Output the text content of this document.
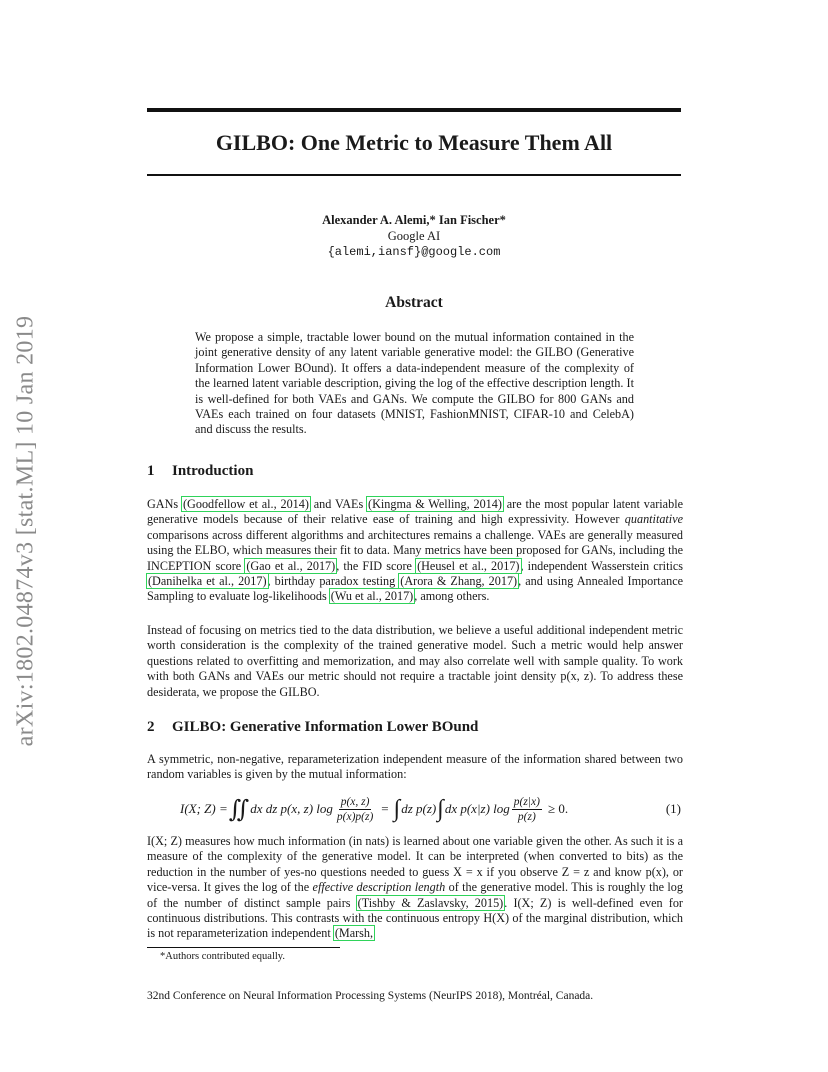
arXiv:1802.04874v3 [stat.ML] 10 Jan 2019
GILBO: One Metric to Measure Them All
Alexander A. Alemi,* Ian Fischer*
Google AI
{alemi,iansf}@google.com
Abstract

We propose a simple, tractable lower bound on the mutual information contained in the joint generative density of any latent variable generative model: the GILBO (Generative Information Lower BOund). It offers a data-independent measure of the complexity of the learned latent variable description, giving the log of the effective description length. It is well-defined for both VAEs and GANs. We compute the GILBO for 800 GANs and VAEs each trained on four datasets (MNIST, FashionMNIST, CIFAR-10 and CelebA) and discuss the results.

1 Introduction

GANs (Goodfellow et al., 2014) and VAEs (Kingma & Welling, 2014) are the most popular latent variable generative models because of their relative ease of training and high expressivity. However quantitative comparisons across different algorithms and architectures remains a challenge. VAEs are generally measured using the ELBO, which measures their fit to data. Many metrics have been proposed for GANs, including the INCEPTION score (Gao et al., 2017), the FID score (Heusel et al., 2017), independent Wasserstein critics (Danihelka et al., 2017), birthday paradox testing (Arora & Zhang, 2017), and using Annealed Importance Sampling to evaluate log-likelihoods (Wu et al., 2017), among others.

Instead of focusing on metrics tied to the data distribution, we believe a useful additional independent metric worth consideration is the complexity of the trained generative model. Such a metric would help answer questions related to overfitting and memorization, and may also correlate well with sample quality. To work with both GANs and VAEs our metric should not require a tractable joint density p(x, z). To address these desiderata, we propose the GILBO.

2 GILBO: Generative Information Lower BOund

A symmetric, non-negative, reparameterization independent measure of the information shared between two random variables is given by the mutual information:

I(X; Z) = ∬ dx dz p(x, z) $\log \frac{p(x, z)}{p(x)p(z)}$ = ∫ dz p(z) ∫ dx p(x|z) $\log \frac{p(z|x)}{p(z)} \ge 0$.	(1)

I(X; Z) measures how much information (in nats) is learned about one variable given the other. As such it is a measure of the complexity of the generative model. It can be interpreted (when converted to bits) as the reduction in the number of yes-no questions needed to guess X = x if you observe Z = z and know p(x), or vice-versa. It gives the log of the effective description length of the generative model. This is roughly the log of the number of distinct sample pairs (Tishby & Zaslavsky, 2015). I(X; Z) is well-defined even for continuous distributions. This contrasts with the continuous entropy H(X) of the marginal distribution, which is not reparameterization independent (Marsh,

*Authors contributed equally.
32nd Conference on Neural Information Processing Systems (NeurIPS 2018), Montréal, Canada.
